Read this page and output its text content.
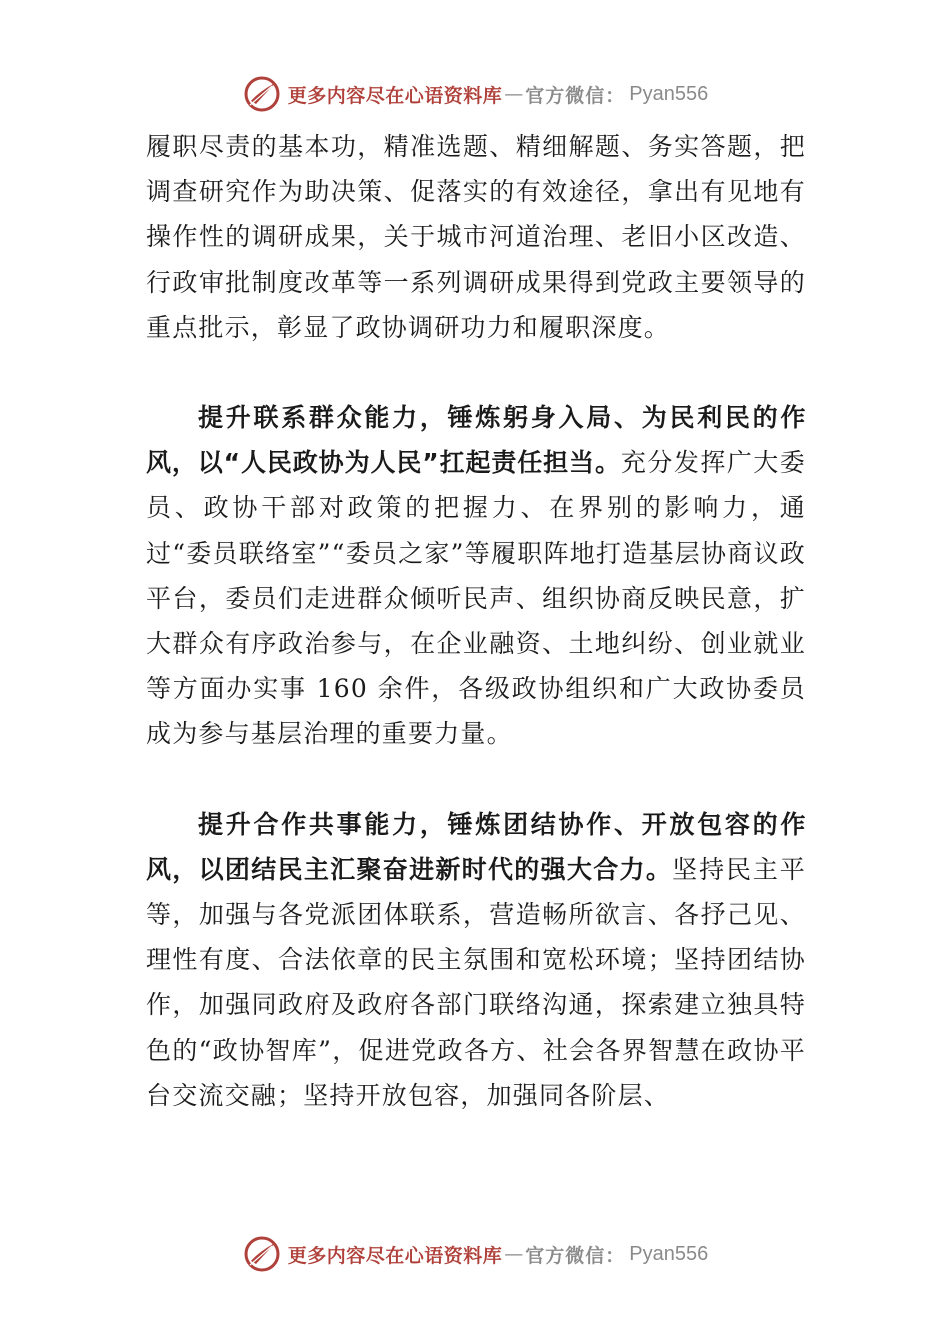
更多内容尽在心语资料库 — 官方微信： Pyan556

履职尽责的基本功，精准选题、精细解题、务实答题，把调查研究作为助决策、促落实的有效途径，拿出有见地有操作性的调研成果，关于城市河道治理、老旧小区改造、行政审批制度改革等一系列调研成果得到党政主要领导的重点批示，彰显了政协调研功力和履职深度。

提升联系群众能力，锤炼躬身入局、为民利民的作风，以“人民政协为人民”扛起责任担当。充分发挥广大委员、政协干部对政策的把握力、在界别的影响力，通过“委员联络室”“委员之家”等履职阵地打造基层协商议政平台，委员们走进群众倾听民声、组织协商反映民意，扩大群众有序政治参与，在企业融资、土地纠纷、创业就业等方面办实事 160 余件，各级政协组织和广大政协委员成为参与基层治理的重要力量。

提升合作共事能力，锤炼团结协作、开放包容的作风，以团结民主汇聚奋进新时代的强大合力。坚持民主平等，加强与各党派团体联系，营造畅所欲言、各抒己见、理性有度、合法依章的民主氛围和宽松环境；坚持团结协作，加强同政府及政府各部门联络沟通，探索建立独具特色的“政协智库”，促进党政各方、社会各界智慧在政协平台交流交融；坚持开放包容，加强同各阶层、

更多内容尽在心语资料库 — 官方微信： Pyan556
